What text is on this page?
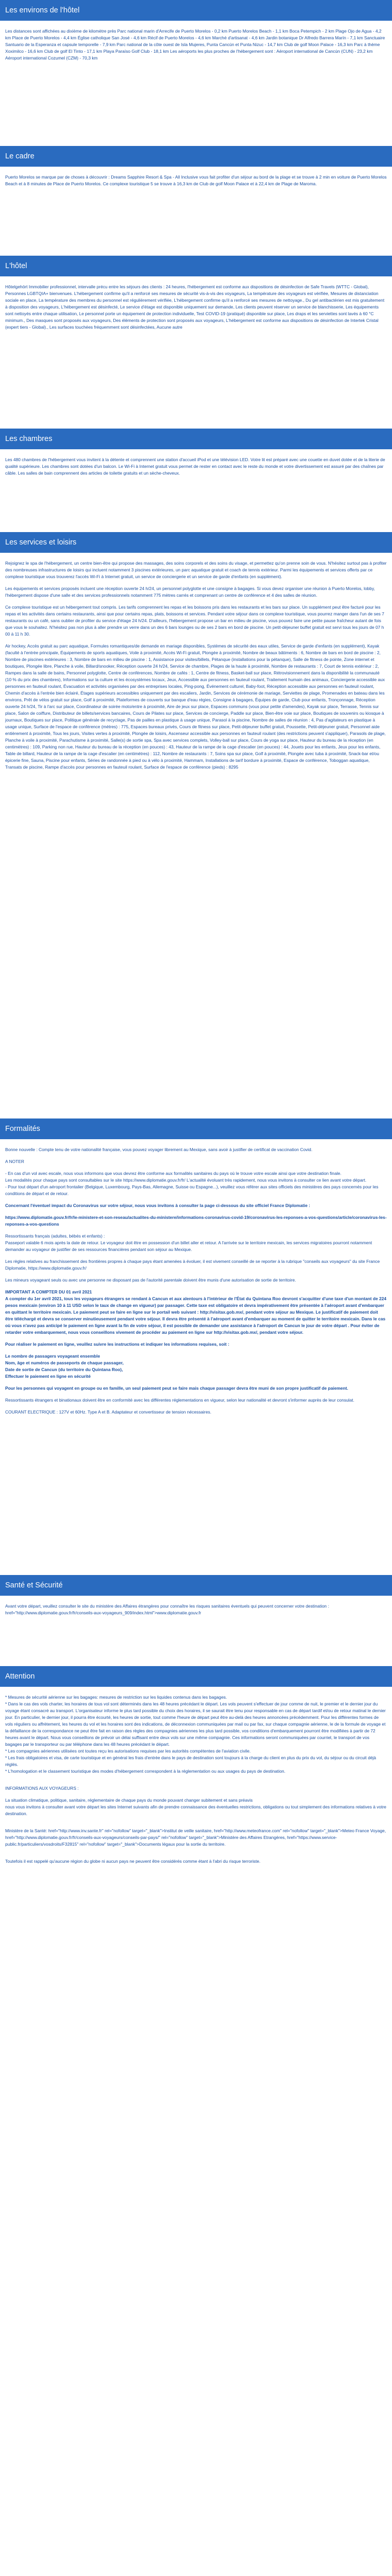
Les environs de l'hôtel

Les distances sont affichées au dixième de kilomètre près Parc national marin d'Arrecife de Puerto Morelos - 0,2 km Puerto Morelos Beach - 1,1 km Boca Petempich - 2 km Plage Ojo de Agua - 4,2 km Place de Puerto Morelos - 4,4 km Église catholique San José - 4,6 km Récif de Puerto Morelos - 4,6 km Marché d'artisanat - 4,6 km Jardin botanique Dr Alfredo Barrera Marín - 7,1 km Sanctuaire Santuario de la Esperanza et capsule temporelle - 7,9 km Parc national de la côte ouest de Isla Mujeres, Punta Cancún et Punta Nizuc - 14,7 km Club de golf Moon Palace - 16,3 km Parc à thème Xoximilco - 16,6 km Club de golf El Tinto - 17,1 km Playa Paraíso Golf Club - 18,1 km Les aéroports les plus proches de l'hébergement sont : Aéroport international de Cancún (CUN) - 23,2 km Aéroport international Cozumel (CZM) - 70,3 km

Le cadre

Puerto Morelos se marque par de choses à découvrir : Dreams Sapphire Resort & Spa - All Inclusive vous fait profiter d'un séjour au bord de la plage et se trouve à 2 min en voiture de Puerto Morelos Beach et à 8 minutes de Place de Puerto Morelos. Ce complexe touristique 5 se trouve à 16,3 km de Club de golf Moon Palace et à 22,4 km de Plage de Maroma.

L'hôtel

Hôtelgehört Immobilier professionnel, intervalle précu entre les séjours des clients : 24 heures, l'hébergement est conforme aux dispositions de désinfection de Safe Travels (WTTC - Global), Personnes LGBTQIA+ bienvenues. L'hébergement confirme qu'il a renforcé ses mesures de sécurité vis-à-vis des voyageurs, La température des voyageurs est vérifiée, Mesures de distanciation sociale en place, La température des membres du personnel est régulièrement vérifiée, L'hébergement confirme qu'il a renforcé ses mesures de nettoyage., Du gel antibactérien est mis gratuitement à disposition des voyageurs, L'hébergement est désinfecté, Le service d'étage est disponible uniquement sur demande, Les clients peuvent réserver un service de blanchisserie, Les équipements sont nettoyés entre chaque utilisation, Le personnel porte un équipement de protection individuelle, Test COVID-19 (pratiqué) disponible sur place, Les draps et les serviettes sont lavés à 60 °C minimum., Des masques sont proposés aux voyageurs, Des éléments de protection sont proposés aux voyageurs, L'hébergement est conforme aux dispositions de désinfection de Intertek Cristal (expert tiers - Global)., Les surfaces touchées fréquemment sont désinfectées, Aucune autre

Les chambres

Les 480 chambres de l'hébergement vous invitent à la détente et comprennent une station d'accueil iPod et une télévision LED. Votre lit est préparé avec une couette en duvet dotée et de la literie de qualité supérieure. Les chambres sont dotées d'un balcon. Le Wi-Fi à Internet gratuit vous permet de rester en contact avec le reste du monde et votre divertissement est assuré par des chaînes par câble. Les salles de bain comprennent des articles de toilette gratuits et un sèche-cheveux.

Les services et loisirs

Rejoignez le spa de l'hébergement, un centre bien-être qui propose des massages, des soins corporels et des soins du visage, et permettez qu'on prenne soin de vous. N'hésitez surtout pas à profiter des nombreuses infrastructures de loisirs qui incluent notamment 3 piscines extérieures, un parc aquatique gratuit et coach de tennis extérieur. Parmi les équipements et services offerts par ce complexe touristique vous trouverez l'accès Wi-Fi à Internet gratuit, un service de conciergerie et un service de garde d'enfants (en supplément).

Les équipements et services proposés incluent une réception ouverte 24 h/24, un personnel polyglotte et une consigne à bagages. Si vous devez organiser une réunion à Puerto Morelos, lobby, l'hébergement dispose d'une salle et des services professionnels notamment 775 mètres carrés et comprenant un centre de conférence et 4 des salles de réunion.

Ce complexe touristique est un hébergement tout compris. Les tarifs comprennent les repas et les boissons pris dans les restaurants et les bars sur place. Un supplément peut être facturé pour les repas et les activités dans certains restaurants, ainsi que pour certains repas, plats, boissons et services. Pendant votre séjour dans ce complexe touristique, vous pourrez manger dans l'un de ses 7 restaurants ou un café, sans oublier de profiter du service d'étage 24 h/24. D'ailleurs, l'hébergement propose un bar en milieu de piscine, vous pouvez faire une petite pause fraîcheur autant de fois que vous le souhaitez. N'hésitez pas non plus à aller prendre un verre dans un des 6 bars lounges ou de ses 2 bars en bord de piscine. Un petit-déjeuner buffet gratuit est servi tous les jours de 07 h 00 à 11 h 30.

Air hockey, Accès gratuit au parc aquatique, Formules romantiques/de demande en mariage disponibles, Systèmes de sécurité des eaux utiles, Service de garde d'enfants (en supplément), Kayak (faculté à l'entrée principale, Équipements de sports aquatiques, Voile à proximité, Accès Wi-Fi gratuit, Plongée à proximité, Nombre de beaux bâtiments : 6, Nombre de bars en bord de piscine : 2, Nombre de piscines extérieures : 3, Nombre de bars en milieu de piscine : 1, Assistance pour visites/billets, Pétanque (installations pour la pétanque), Salle de fitness de pointe, Zone internet et boutiques, Plongée libre, Planche à voile, Billard/snooker, Réception ouverte 24 h/24, Service de chambre, Plages de la haute à proximité, Nombre de restaurants : 7, Court de tennis extérieur : 2, Rampes dans la salle de bains, Personnel polyglotte, Centre de conférences, Nombre de cafés : 1, Centre de fitness, Basket-ball sur place, Rétrovisionnement dans la disponibilité la communauté (10 % du prix des chambres), Informations sur la culture et les écosystèmes locaux, Jeux, Accessible aux personnes en fauteuil roulant, Traitement humain des animaux, Conciergerie accessible aux personnes en fauteuil roulant, Évacuation et activités organisées par des entreprises locales, Ping-pong, Événement culturel, Baby-foot, Réception accessible aux personnes en fauteuil roulant, Chemin d'accès à l'entrée bien éclairé, Étages supérieurs accessibles uniquement par des escaliers, Jardin, Services de cérémonie de mariage, Serviettes de plage, Promenades en bateau dans les environs, Prêt de vélos gratuit sur place, Golf à proximité, Plateformes de couverts sur banque d'eau régies, Consigne à bagages, Équipes de garde, Club pour enfants, Tronçonnage, Réception ouverte 24 h/24, Tir à l'arc sur place, Coordinateur de soirée moto/entre à proximité, Aire de jeux sur place, Espaces communs (vous pour petite d'amendes), Kayak sur place, Terrasse, Tennis sur place, Salon de coiffure, Distributeur de billets/services bancaires, Cours de Pilates sur place, Services de concierge, Paddle sur place, Bien-être voie sur place, Boutiques de souvenirs ou kiosque à journaux, Boutiques sur place, Politique générale de recyclage, Pas de pailles en plastique à usage unique, Parasol à la piscine, Nombre de salles de réunion : 4, Pas d'agitateurs en plastique à usage unique, Surface de l'espace de conférence (mètres) : 775, Espaces bureaux privés, Cours de fitness sur place, Petit-déjeuner buffet gratuit, Poussette, Petit-déjeuner gratuit, Personnel aide entièrement à proximité, Tous les jours, Visites vertes à proximité, Plongée de loisirs, Ascenseur accessible aux personnes en fauteuil roulant (des restrictions peuvent s'appliquer), Parasols de plage, Planche à voile à proximité, Parachutisme à proximité, Salle(s) de sortie spa, Spa avec services complets, Volley-ball sur place, Cours de yoga sur place, Hauteur du bureau de la réception (en centimètres) : 109, Parking non rue, Hauteur du bureau de la réception (en pouces) : 43, Hauteur de la rampe de la cage d'escalier (en pouces) : 44, Jouets pour les enfants, Jeux pour les enfants, Table de billard, Hauteur de la rampe de la cage d'escalier (en centimètres) : 112, Nombre de restaurants : 7, Soins spa sur place, Golf à proximité, Plongée avec tuba à proximité, Snack-bar et/ou épicerie fine, Sauna, Piscine pour enfants, Séries de randonnée à pied ou à vélo à proximité, Hammam, Installations de tarif bordure à proximité, Espace de conférence, Toboggan aquatique, Transats de piscine, Rampe d'accès pour personnes en fauteuil roulant, Surface de l'espace de conférence (pieds) : 8295

Formalités

Bonne nouvelle : Compte tenu de votre nationalité française, vous pouvez voyager librement au Mexique, sans avoir à justifier de certificat de vaccination Covid.

A NOTER

- En cas d'un vol avec escale, nous vous informons que vous devrez être conforme aux formalités sanitaires du pays où le trouve votre escale ainsi que votre destination finale.
Les modalités pour chaque pays sont consultables sur le site https://www.diplomatie.gouv.fr/fr/ L'actualité évoluant très rapidement, nous vous invitons à consulter ce lien avant votre départ.
- Pour tout départ d'un aéroport frontalier (Belgique, Luxembourg, Pays-Bas, Allemagne, Suisse ou Espagne...), veuillez vous référer aux sites officiels des ministères des pays concernés pour les conditions de départ et de retour.

Concernant l'éventuel impact du Coronavirus sur votre séjour, nous vous invitons à consulter la page ci-dessous du site officiel France Diplomatie :

https://www.diplomatie.gouv.fr/fr/le-ministere-et-son-reseau/actualites-du-ministere/informations-coronavirus-covid-19/coronavirus-les-reponses-a-vos-questions/article/coronavirus-les-reponses-a-vos-questions

Ressortissants français (adultes, bébés et enfants) :
Passeport valable 6 mois après la date de retour. Le voyageur doit être en possession d'un billet aller et retour. A l'arrivée sur le territoire mexicain, les services migratoires pourront notamment demander au voyageur de justifier de ses ressources financières pendant son séjour au Mexique.

Les règles relatives au franchissement des frontières propres à chaque pays étant amenées à évoluer, il est vivement conseillé de se reporter à la rubrique "conseils aux voyageurs" du site France Diplomatie, https://www.diplomatie.gouv.fr/

Les mineurs voyageant seuls ou avec une personne ne disposant pas de l'autorité parentale doivent être munis d'une autorisation de sortie de territoire.

IMPORTANT A COMPTER DU 01 avril 2021
A compter du 1er avril 2021, tous les voyageurs étrangers se rendant à Cancun et aux alentours à l'intérieur de l'État du Quintana Roo devront s'acquitter d'une taxe d'un montant de 224 pesos mexicain (environ 10 à 11 USD selon le taux de change en vigueur) par passager. Cette taxe est obligatoire et devra impérativement être présentée à l'aéroport avant d'embarquer en quittant le territoire mexicain. Le paiement peut se faire en ligne sur le portail web suivant : http://visitax.gob.mx/, pendant votre séjour au Mexique. Le justificatif de paiement doit être téléchargé et devra se conserver minutieusement pendant votre séjour. Il devra être présenté à l'aéroport avant d'embarquer au moment de quitter le territoire mexicain. Dans le cas où vous n'avez pas anticipé le paiement en ligne avant la fin de votre séjour, il est possible de demander une assistance à l'aéroport de Cancun le jour de votre départ . Pour éviter de retarder votre embarquement, nous vous conseillons vivement de procéder au paiement en ligne sur http://visitax.gob.mx/, pendant votre séjour.

Pour réaliser le paiement en ligne, veuillez suivre les instructions et indiquer les informations requises, soit :

Le nombre de passagers voyageant ensemble
Nom, âge et numéros de passeports de chaque passager,
Date de sortie de Cancun (du territoire du Quintana Roo),
Effectuer le paiement en ligne en sécurité

Pour les personnes qui voyagent en groupe ou en famille, un seul paiement peut se faire mais chaque passager devra être muni de son propre justificatif de paiement.

Ressortissants étrangers et binationaux doivent être en conformité avec les différentes réglementations en vigueur, selon leur nationalité et devront s'informer auprès de leur consulat.

COURANT ELECTRIQUE : 127V et 60Hz. Type A et B. Adaptateur et convertisseur de tension nécessaires.

Santé et Sécurité

Avant votre départ, veuillez consulter le site du ministère des Affaires étrangères pour connaître les risques sanitaires éventuels qui peuvent concerner votre destination : href="http://www.diplomatie.gouv.fr/fr/conseils-aux-voyageurs_909/index.html">www.diplomatie.gouv.fr

Attention

* Mesures de sécurité aérienne sur les bagages: mesures de restriction sur les liquides contenus dans les bagages.
* Dans le cas des vols charter, les horaires de tous vol sont déterminés dans les 48 heures précédant le départ. Les vols peuvent s'effectuer de jour comme de nuit, le premier et le dernier jour du voyage étant consacré au transport. L'organisateur informe le plus tard possible du choix des horaires, il se saurait être tenu pour responsable en cas de départ tardif et/ou de retour matinal le dernier jour. En particulier, le dernier jour, il pourra être écourté, les heures de sortie, tout comme l'heure de départ peut être au-delà des heures annoncées précédemment. Pour les différentes formes de vols réguliers ou affrètement, les heures du vol et les horaires sont des indications, de déconnexion communiquées par mail ou par fax, sur chaque compagnie aérienne, le de la formule de voyage et la défaillance de la correspondance ne peut être fait en raison des règles des compagnies aériennes les plus tard possible, vos conditions d'embarquement pourront être modifiées à partir de 72 heures avant le départ. Nous vous conseillons de prévoir un délai suffisant entre deux vols sur une même compagnie. Ces informations seront communiquées par courriel, le transport de vos bagages par le transporteur ou par téléphone dans les 48 heures précédant le départ.
* Les compagnies aériennes utilisées ont toutes reçu les autorisations requises par les autorités compétentes de l'aviation civile.
* Les frais obligatoires et visa, de carte touristique et en général les frais d'entrée dans le pays de destination sont toujours à la charge du client en plus du prix du vol, du séjour ou du circuit déjà réglés.
* L'homologation et le classement touristique des modes d'hébergement correspondent à la réglementation ou aux usages du pays de destination.

INFORMATIONS AUX VOYAGEURS :

La situation climatique, politique, sanitaire, réglementaire de chaque pays du monde pouvant changer subitement et sans préavis
nous vous invitons à consulter avant votre départ les sites Internet suivants afin de prendre connaissance des éventuelles restrictions, obligations ou tout simplement des informations relatives à votre destination.

Ministère de la Santé: href="http://www.inv.sante.fr" rel="nofollow" target="_blank">Institut de veille sanitaire, href="http://www.meteofrance.com" rel="nofollow" target="_blank">Meteo France Voyage, href="http://www.diplomatie.gouv.fr/fr/conseils-aux-voyageurs/conseils-par-pays/" rel="nofollow" target="_blank">Ministère des Affaires Etrangères, href="https://www.service-public.fr/particuliers/vosdroits/F32815" rel="nofollow" target="_blank">Documents légaux pour la sortie du territoire.

Toutefois il est rappelé qu'aucune région du globe ni aucun pays ne peuvent être considérés comme étant à l'abri du risque terroriste.
